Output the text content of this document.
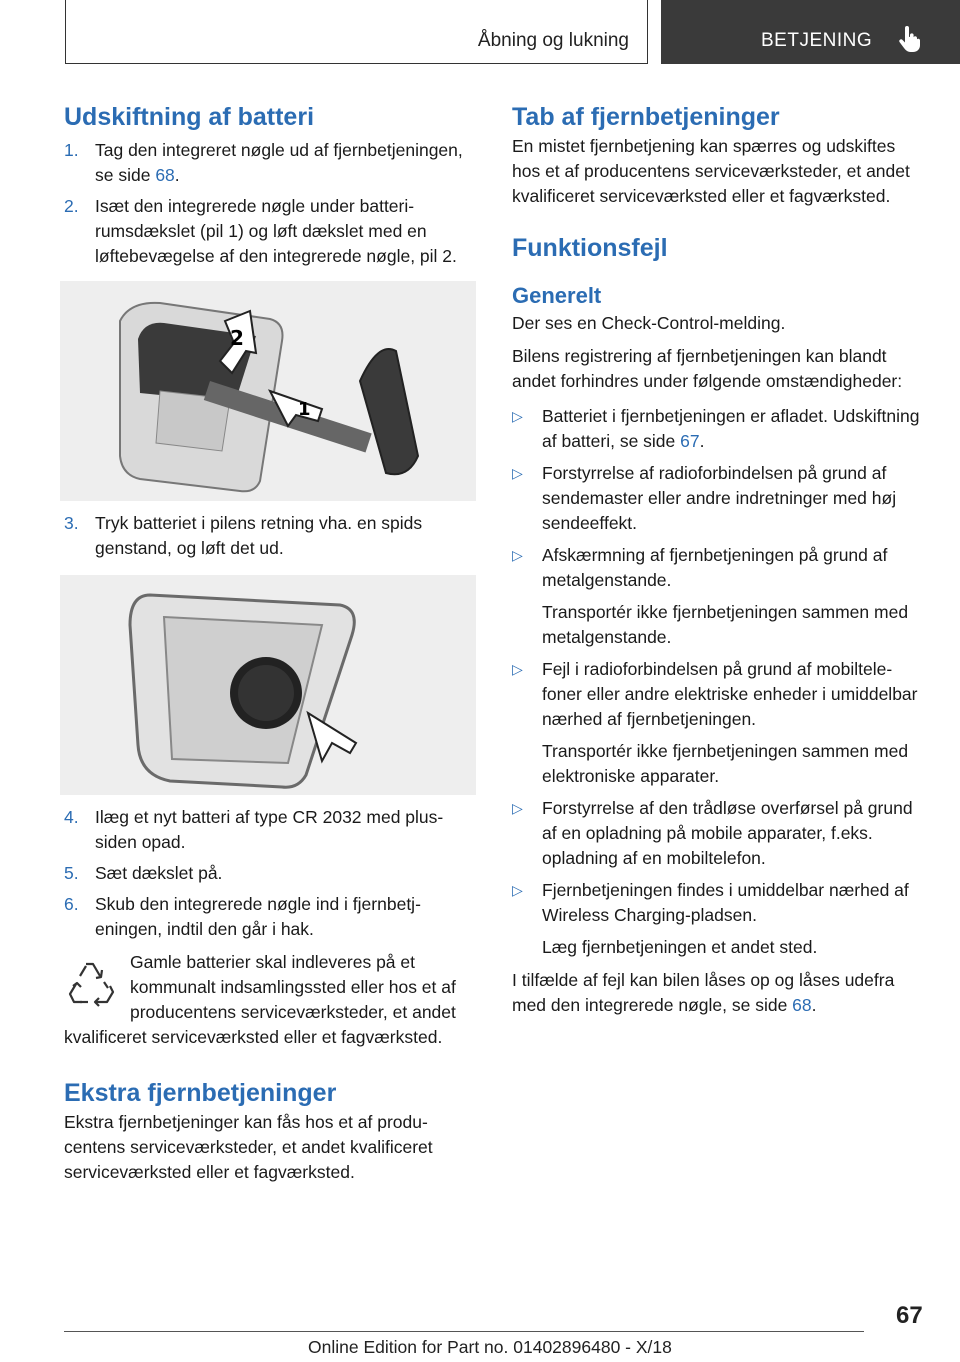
Åbning og lukning	BETJENING
Udskiftning af batteri
1. Tag den integreret nøgle ud af fjernbetjeningen, se side 68.
2. Isæt den integrerede nøgle under batterirumsdækslet (pil 1) og løft dækslet med en løftebevægelse af den integrerede nøgle, pil 2.
2
1
3. Tryk batteriet i pilens retning vha. en spids genstand, og løft det ud.
4. Ilæg et nyt batteri af type CR 2032 med plussiden opad.
5. Sæt dækslet på.
6. Skub den integrerede nøgle ind i fjernbetjeningen, indtil den går i hak.

Gamle batterier skal indleveres på et kommunalt indsamlingssted eller hos et af producentens serviceværksteder, et andet kvalificeret serviceværksted eller et fagværksted.

Ekstra fjernbetjeninger

Ekstra fjernbetjeninger kan fås hos et af producentens serviceværksteder, et andet kvalificeret serviceværksted eller et fagværksted.

Tab af fjernbetjeninger

En mistet fjernbetjening kan spærres og udskiftes hos et af producentens serviceværksteder, et andet kvalificeret serviceværksted eller et fagværksted.

Funktionsfejl
Generelt

Der ses en Check-Control-melding.

Bilens registrering af fjernbetjeningen kan blandt andet forhindres under følgende omstændigheder:

▷ Batteriet i fjernbetjeningen er afladet. Udskiftning af batteri, se side 67.
▷ Forstyrrelse af radioforbindelsen på grund af sendemaster eller andre indretninger med høj sendeeffekt.
▷ Afskærmning af fjernbetjeningen på grund af metalgenstande.
Transportér ikke fjernbetjeningen sammen med metalgenstande.
▷ Fejl i radioforbindelsen på grund af mobiltelefoner eller andre elektriske enheder i umiddelbar nærhed af fjernbetjeningen.
Transportér ikke fjernbetjeningen sammen med elektroniske apparater.
▷ Forstyrrelse af den trådløse overførsel på grund af en opladning på mobile apparater, f.eks. opladning af en mobiltelefon.
▷ Fjernbetjeningen findes i umiddelbar nærhed af Wireless Charging-pladsen.
Læg fjernbetjeningen et andet sted.

I tilfælde af fejl kan bilen låses op og låses udefra med den integrerede nøgle, se side 68.

67
Online Edition for Part no. 01402896480 - X/18
